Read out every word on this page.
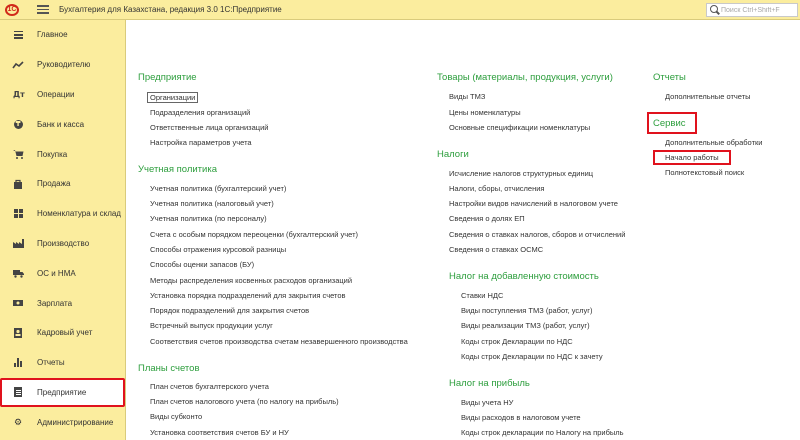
1С	Бухгалтерия для Казахстана, редакция 3.0 1С:Предприятие
Поиск Ctrl+Shift+F
Главное
Руководителю
Дт Операции
₸ Банк и касса
Покупка
Продажа
Номенклатура и склад
Производство
ОС и НМА
Зарплата
Кадровый учет
Отчеты
Предприятие
⚙ Администрирование
Предприятие
Организации
Подразделения организаций
Ответственные лица организаций
Настройка параметров учета
Учетная политика
Учетная политика (бухгалтерский учет)
Учетная политика (налоговый учет)
Учетная политика (по персоналу)
Счета с особым порядком переоценки (бухгалтерский учет)
Способы отражения курсовой разницы
Способы оценки запасов (БУ)
Методы распределения косвенных расходов организаций
Установка порядка подразделений для закрытия счетов
Порядок подразделений для закрытия счетов
Встречный выпуск продукции услуг
Соответствия счетов производства счетам незавершенного производства
Планы счетов
План счетов бухгалтерского учета
План счетов налогового учета (по налогу на прибыль)
Виды субконто
Установка соответствия счетов БУ и НУ
Товары (материалы, продукция, услуги)
Виды ТМЗ
Цены номенклатуры
Основные спецификации номенклатуры
Налоги
Исчисление налогов структурных единиц
Налоги, сборы, отчисления
Настройки видов начислений в налоговом учете
Сведения о долях ЕП
Сведения о ставках налогов, сборов и отчислений
Сведения о ставках ОСМС
Налог на добавленную стоимость
Ставки НДС
Виды поступления ТМЗ (работ, услуг)
Виды реализации ТМЗ (работ, услуг)
Коды строк Декларации по НДС
Коды строк Декларации по НДС к зачету
Налог на прибыль
Виды учета НУ
Виды расходов в налоговом учете
Коды строк декларации по Налогу на прибыль
Отчеты
Дополнительные отчеты
Сервис
Дополнительные обработки
Начало работы
Полнотекстовый поиск
